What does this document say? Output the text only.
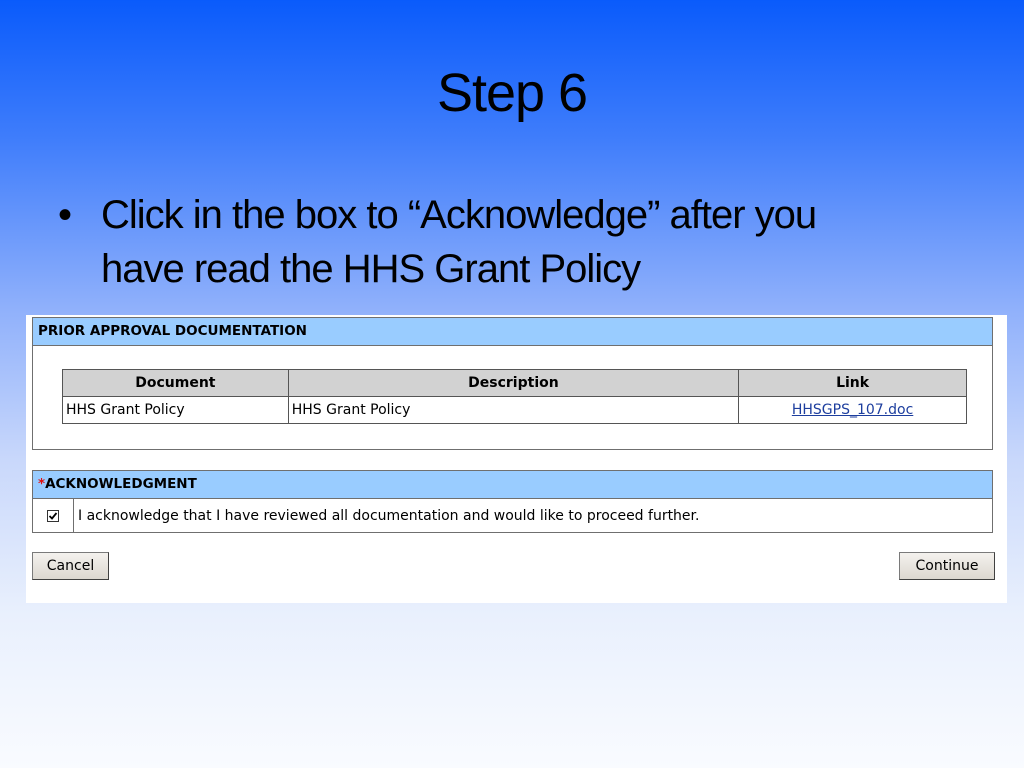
Step 6
• Click in the box to “Acknowledge” after you
have read the HHS Grant Policy
PRIOR APPROVAL DOCUMENTATION
Document	Description	Link
HHS Grant Policy	HHS Grant Policy	HHSGPS_107.doc
*ACKNOWLEDGMENT
I acknowledge that I have reviewed all documentation and would like to proceed further.
Cancel	Continue
